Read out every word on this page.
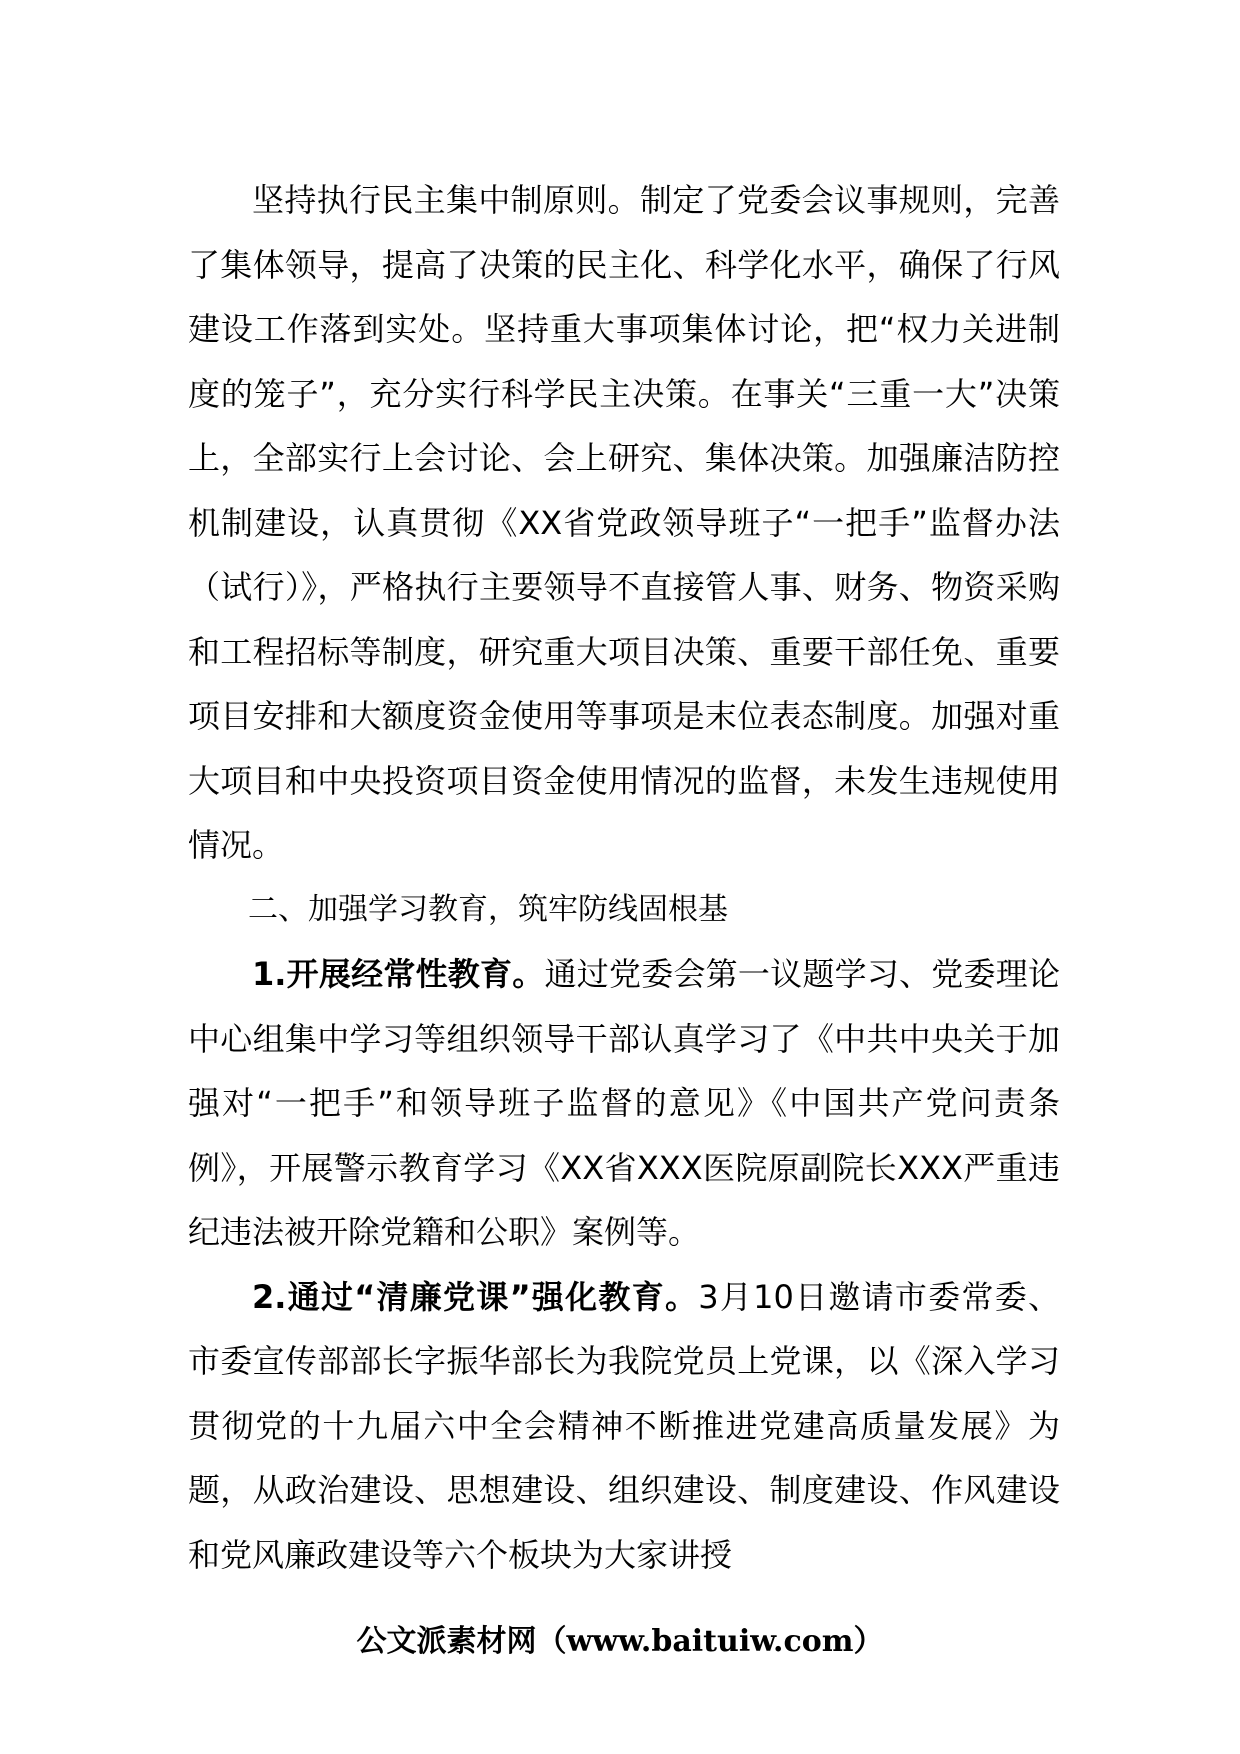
坚持执行民主集中制原则。制定了党委会议事规则，完善了集体领导，提高了决策的民主化、科学化水平，确保了行风建设工作落到实处。坚持重大事项集体讨论，把“权力关进制度的笼子”，充分实行科学民主决策。在事关“三重一大”决策上，全部实行上会讨论、会上研究、集体决策。加强廉洁防控机制建设，认真贯彻《XX省党政领导班子“一把手”监督办法（试行）》，严格执行主要领导不直接管人事、财务、物资采购和工程招标等制度，研究重大项目决策、重要干部任免、重要项目安排和大额度资金使用等事项是末位表态制度。加强对重大项目和中央投资项目资金使用情况的监督，未发生违规使用情况。

二、加强学习教育，筑牢防线固根基

1.开展经常性教育。通过党委会第一议题学习、党委理论中心组集中学习等组织领导干部认真学习了《中共中央关于加强对“一把手”和领导班子监督的意见》《中国共产党问责条例》，开展警示教育学习《XX省XXX医院原副院长XXX严重违纪违法被开除党籍和公职》案例等。

2.通过“清廉党课”强化教育。3月10日邀请市委常委、市委宣传部部长字振华部长为我院党员上党课，以《深入学习贯彻党的十九届六中全会精神不断推进党建高质量发展》为题，从政治建设、思想建设、组织建设、制度建设、作风建设和党风廉政建设等六个板块为大家讲授

公文派素材网（www.baituiw.com）
